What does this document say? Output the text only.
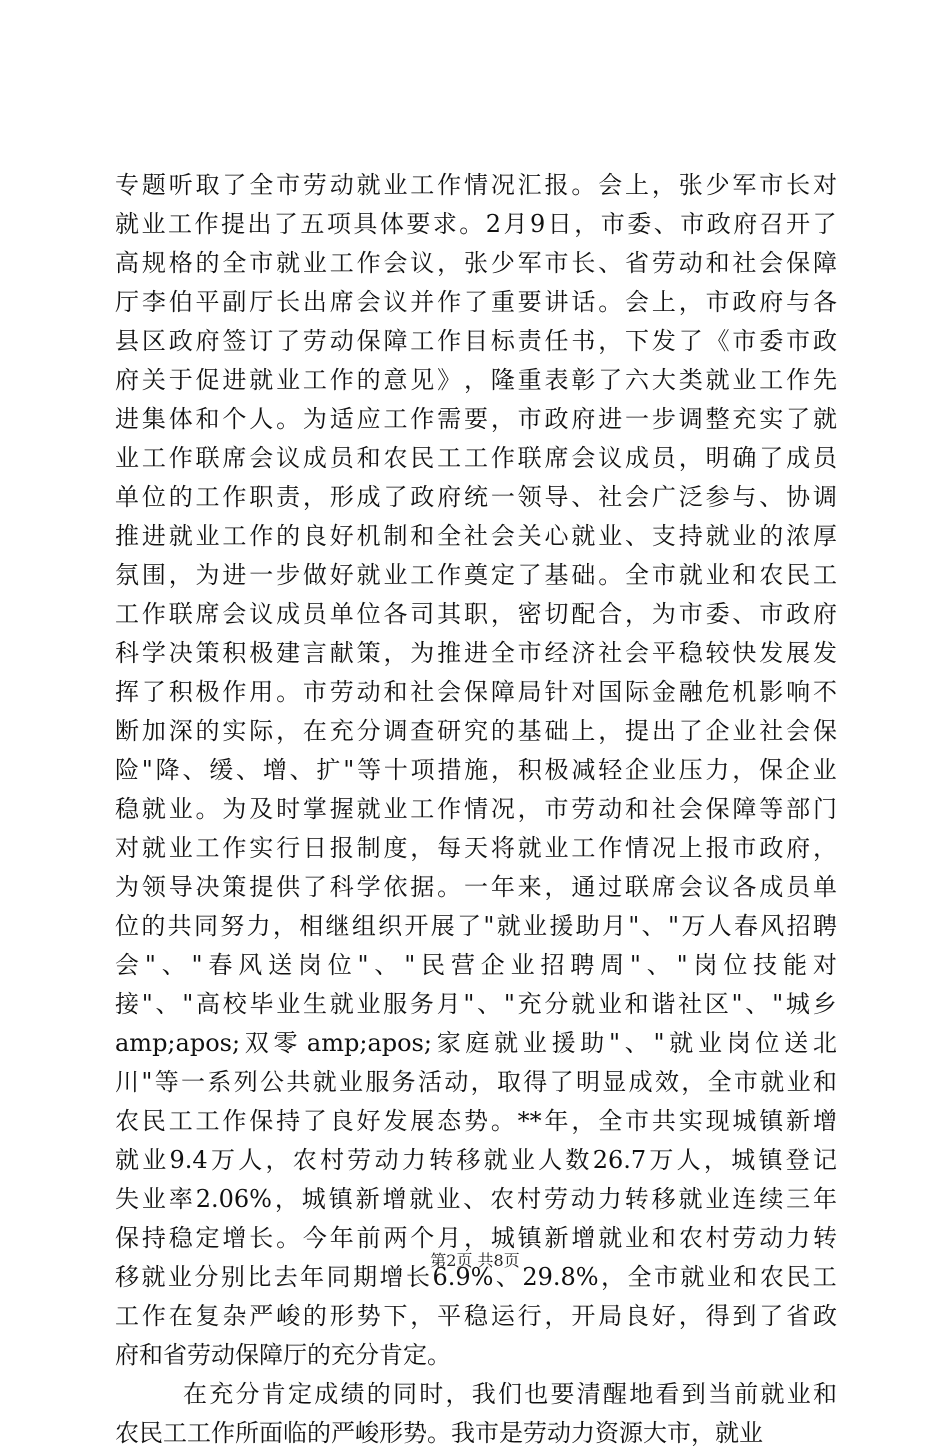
专 题 听 取 了 全 市 劳 动 就 业 工 作 情 况 汇 报 。 会 上 ， 张 少 军 市 长 对
就 业 工 作 提 出 了 五 项 具 体 要 求 。 2 月 9 日 ， 市 委 、 市 政 府 召 开 了
高 规 格 的 全 市 就 业 工 作 会 议 ， 张 少 军 市 长 、 省 劳 动 和 社 会 保 障
厅 李 伯 平 副 厅 长 出 席 会 议 并 作 了 重 要 讲 话 。 会 上 ， 市 政 府 与 各
县 区 政 府 签 订 了 劳 动 保 障 工 作 目 标 责 任 书 ， 下 发 了 《 市 委 市 政
府 关 于 促 进 就 业 工 作 的 意 见 》 ， 隆 重 表 彰 了 六 大 类 就 业 工 作 先
进 集 体 和 个 人 。 为 适 应 工 作 需 要 ， 市 政 府 进 一 步 调 整 充 实 了 就
业 工 作 联 席 会 议 成 员 和 农 民 工 工 作 联 席 会 议 成 员 ， 明 确 了 成 员
单 位 的 工 作 职 责 ， 形 成 了 政 府 统 一 领 导 、 社 会 广 泛 参 与 、 协 调
推 进 就 业 工 作 的 良 好 机 制 和 全 社 会 关 心 就 业 、 支 持 就 业 的 浓 厚
氛 围 ， 为 进 一 步 做 好 就 业 工 作 奠 定 了 基 础 。 全 市 就 业 和 农 民 工
工 作 联 席 会 议 成 员 单 位 各 司 其 职 ， 密 切 配 合 ， 为 市 委 、 市 政 府
科 学 决 策 积 极 建 言 献 策 ， 为 推 进 全 市 经 济 社 会 平 稳 较 快 发 展 发
挥 了 积 极 作 用 。 市 劳 动 和 社 会 保 障 局 针 对 国 际 金 融 危 机 影 响 不
断 加 深 的 实 际 ， 在 充 分 调 查 研 究 的 基 础 上 ， 提 出 了 企 业 社 会 保
险 " 降 、 缓 、 增 、 扩 " 等 十 项 措 施 ， 积 极 减 轻 企 业 压 力 ， 保 企 业
稳 就 业 。 为 及 时 掌 握 就 业 工 作 情 况 ， 市 劳 动 和 社 会 保 障 等 部 门
对 就 业 工 作 实 行 日 报 制 度 ， 每 天 将 就 业 工 作 情 况 上 报 市 政 府 ，
为 领 导 决 策 提 供 了 科 学 依 据 。 一 年 来 ， 通 过 联 席 会 议 各 成 员 单
位 的 共 同 努 力 ， 相 继 组 织 开 展 了 " 就 业 援 助 月 " 、 " 万 人 春 风 招 聘
会 " 、 " 春 风 送 岗 位 " 、 " 民 营 企 业 招 聘 周 " 、 " 岗 位 技 能 对
接 " 、 " 高 校 毕 业 生 就 业 服 务 月 " 、 " 充 分 就 业 和 谐 社 区 " 、 " 城 乡
amp;apos; 双 零 amp;apos; 家 庭 就 业 援 助 " 、 " 就 业 岗 位 送 北
川 " 等 一 系 列 公 共 就 业 服 务 活 动 ， 取 得 了 明 显 成 效 ， 全 市 就 业 和
农 民 工 工 作 保 持 了 良 好 发 展 态 势 。 ** 年 ， 全 市 共 实 现 城 镇 新 增
就 业 9.4 万 人 ， 农 村 劳 动 力 转 移 就 业 人 数 26.7 万 人 ， 城 镇 登 记
失 业 率 2.06% ， 城 镇 新 增 就 业 、 农 村 劳 动 力 转 移 就 业 连 续 三 年
保 持 稳 定 增 长 。 今 年 前 两 个 月 ， 城 镇 新 增 就 业 和 农 村 劳 动 力 转
移 就 业 分 别 比 去 年 同 期 增 长 6.9% 、 29.8% ， 全 市 就 业 和 农 民 工
工 作 在 复 杂 严 峻 的 形 势 下 ， 平 稳 运 行 ， 开 局 良 好 ， 得 到 了 省 政
府和省劳动保障厅的充分肯定。
在 充 分 肯 定 成 绩 的 同 时 ， 我 们 也 要 清 醒 地 看 到 当 前 就 业 和
农民工工作所面临的严峻形势。我市是劳动力资源大市，就业
第2页 共8页
